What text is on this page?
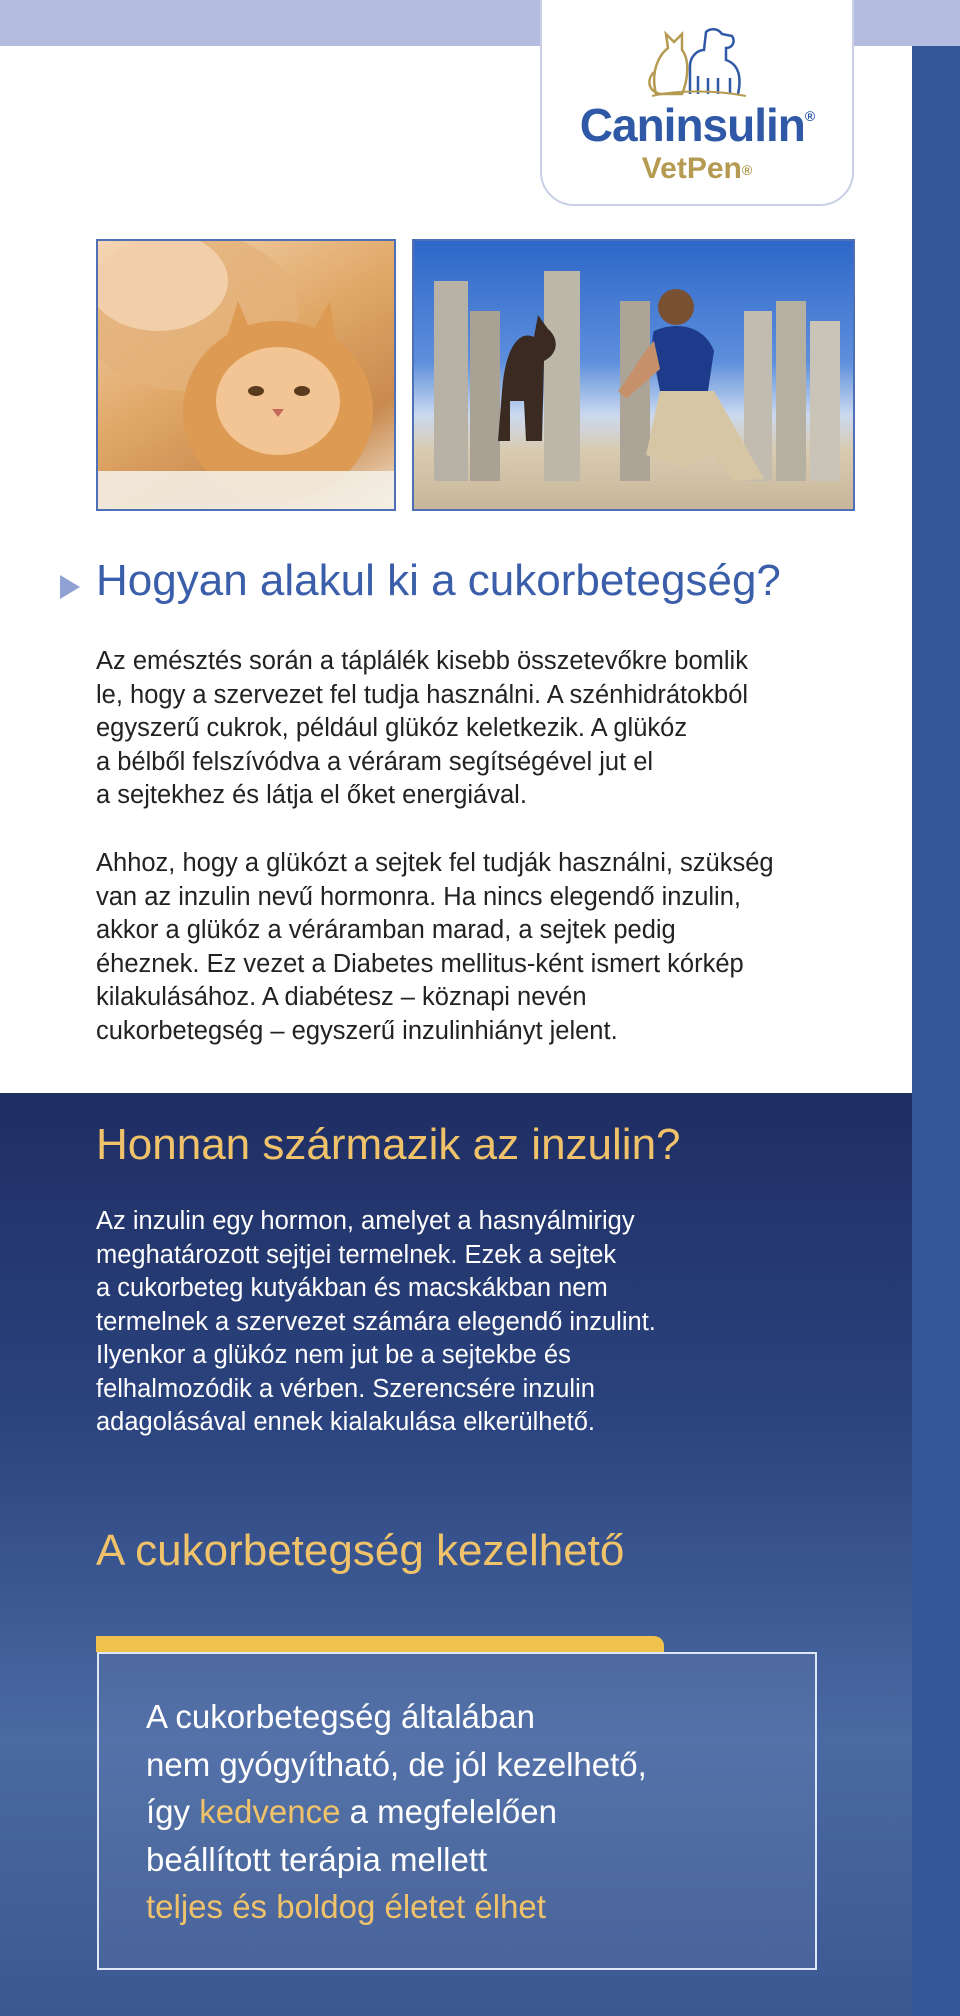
Caninsulin®
VetPen®
Hogyan alakul ki a cukorbetegség?

Az emésztés során a táplálék kisebb összetevőkre bomlik
le, hogy a szervezet fel tudja használni. A szénhidrátokból
egyszerű cukrok, például glükóz keletkezik. A glükóz
a bélből felszívódva a véráram segítségével jut el
a sejtekhez és látja el őket energiával.

Ahhoz, hogy a glükózt a sejtek fel tudják használni, szükség
van az inzulin nevű hormonra. Ha nincs elegendő inzulin,
akkor a glükóz a véráramban marad, a sejtek pedig
éheznek. Ez vezet a Diabetes mellitus-ként ismert kórkép
kilakulásához. A diabétesz – köznapi nevén
cukorbetegség – egyszerű inzulinhiányt jelent.

Honnan származik az inzulin?

Az inzulin egy hormon, amelyet a hasnyálmirigy
meghatározott sejtjei termelnek. Ezek a sejtek
a cukorbeteg kutyákban és macskákban nem
termelnek a szervezet számára elegendő inzulint.
Ilyenkor a glükóz nem jut be a sejtekbe és
felhalmozódik a vérben. Szerencsére inzulin
adagolásával ennek kialakulása elkerülhető.

A cukorbetegség kezelhető

A cukorbetegség általában
nem gyógyítható, de jól kezelhető,
így kedvence a megfelelően
beállított terápia mellett
teljes és boldog életet élhet
